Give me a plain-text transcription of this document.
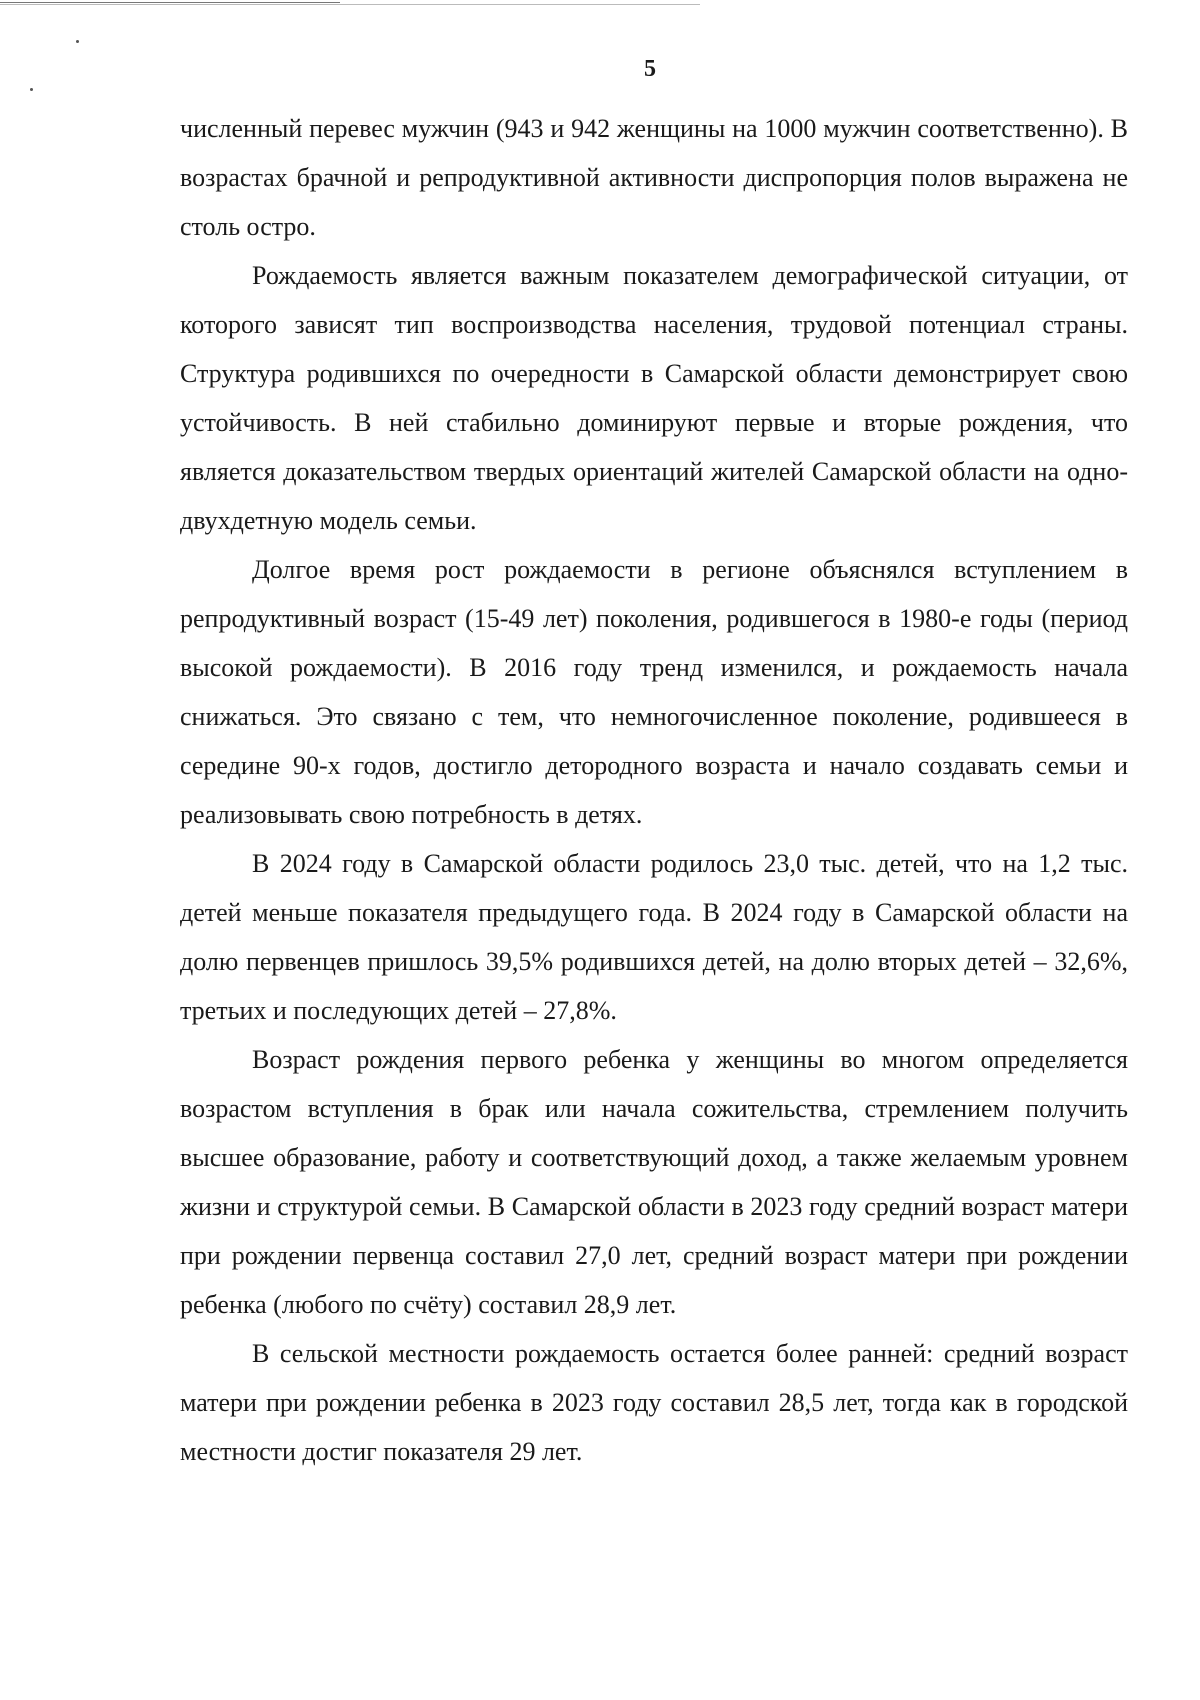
5

численный перевес мужчин (943 и 942 женщины на 1000 мужчин соответственно). В возрастах брачной и репродуктивной активности диспропорция полов выражена не столь остро.

Рождаемость является важным показателем демографической ситуации, от которого зависят тип воспроизводства населения, трудовой потенциал страны. Структура родившихся по очередности в Самарской области демонстрирует свою устойчивость. В ней стабильно доминируют первые и вторые рождения, что является доказательством твердых ориентаций жителей Самарской области на одно-двухдетную модель семьи.

Долгое время рост рождаемости в регионе объяснялся вступлением в репродуктивный возраст (15-49 лет) поколения, родившегося в 1980-е годы (период высокой рождаемости). В 2016 году тренд изменился, и рождаемость начала снижаться. Это связано с тем, что немногочисленное поколение, родившееся в середине 90-х годов, достигло детородного возраста и начало создавать семьи и реализовывать свою потребность в детях.

В 2024 году в Самарской области родилось 23,0 тыс. детей, что на 1,2 тыс. детей меньше показателя предыдущего года. В 2024 году в Самарской области на долю первенцев пришлось 39,5% родившихся детей, на долю вторых детей – 32,6%, третьих и последующих детей – 27,8%.

Возраст рождения первого ребенка у женщины во многом определяется возрастом вступления в брак или начала сожительства, стремлением получить высшее образование, работу и соответствующий доход, а также желаемым уровнем жизни и структурой семьи. В Самарской области в 2023 году средний возраст матери при рождении первенца составил 27,0 лет, средний возраст матери при рождении ребенка (любого по счёту) составил 28,9 лет.

В сельской местности рождаемость остается более ранней: средний возраст матери при рождении ребенка в 2023 году составил 28,5 лет, тогда как в городской местности достиг показателя 29 лет.
